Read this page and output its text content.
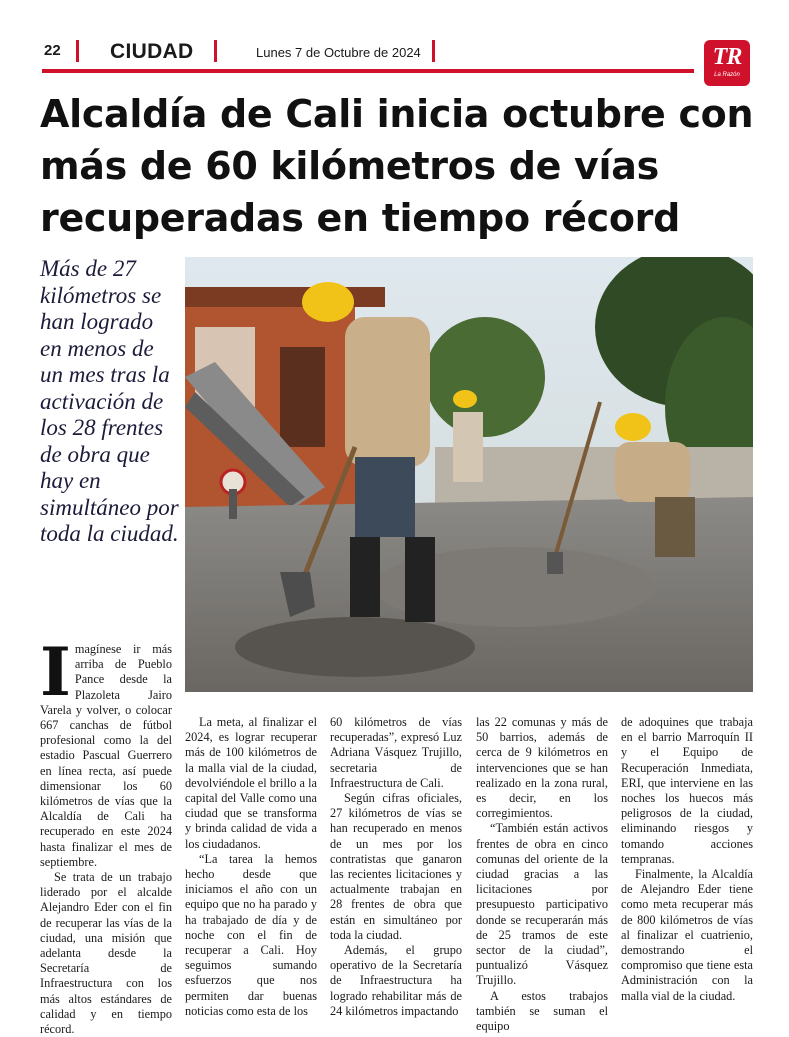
22 CIUDAD	Lunes 7 de Octubre de 2024	TR
La Razón
Alcaldía de Cali inicia octubre con más de 60 kilómetros de vías recuperadas en tiempo récord

Más de 27 kilómetros se han logrado en menos de un mes tras la activación de los 28 frentes de obra que hay en simultáneo por toda la ciudad.

I magínese ir más arriba de Pueblo Pance desde la Plazoleta Jairo Varela y volver, o colocar 667 canchas de fútbol profesional como la del estadio Pascual Guerrero en línea recta, así puede dimensionar los 60 kilómetros de vías que la Alcaldía de Cali ha recuperado en este 2024 hasta finalizar el mes de septiembre.

Se trata de un trabajo liderado por el alcalde Alejandro Eder con el fin de recuperar las vías de la ciudad, una misión que adelanta desde la Secretaría de Infraestructura con los más altos estándares de calidad y en tiempo récord.

La meta, al finalizar el 2024, es lograr recuperar más de 100 kilómetros de la malla vial de la ciudad, devolviéndole el brillo a la capital del Valle como una ciudad que se transforma y brinda calidad de vida a los ciudadanos.

“La tarea la hemos hecho desde que iniciamos el año con un equipo que no ha parado y ha trabajado de día y de noche con el fin de recuperar a Cali. Hoy seguimos sumando esfuerzos que nos permiten dar buenas noticias como esta de los

60 kilómetros de vías recuperadas”, expresó Luz Adriana Vásquez Trujillo, secretaria de Infraestructura de Cali.

Según cifras oficiales, 27 kilómetros de vías se han recuperado en menos de un mes por los contratistas que ganaron las recientes licitaciones y actualmente trabajan en 28 frentes de obra que están en simultáneo por toda la ciudad.

Además, el grupo operativo de la Secretaría de Infraestructura ha logrado rehabilitar más de 24 kilómetros impactando

las 22 comunas y más de 50 barrios, además de cerca de 9 kilómetros en intervenciones que se han realizado en la zona rural, es decir, en los corregimientos.

“También están activos frentes de obra en cinco comunas del oriente de la ciudad gracias a las licitaciones por presupuesto participativo donde se recuperarán más de 25 tramos de este sector de la ciudad”, puntualizó Vásquez Trujillo.

A estos trabajos también se suman el equipo

de adoquines que trabaja en el barrio Marroquín II y el Equipo de Recuperación Inmediata, ERI, que interviene en las noches los huecos más peligrosos de la ciudad, eliminando riesgos y tomando acciones tempranas.

Finalmente, la Alcaldía de Alejandro Eder tiene como meta recuperar más de 800 kilómetros de vías al finalizar el cuatrienio, demostrando el compromiso que tiene esta Administración con la malla vial de la ciudad.
